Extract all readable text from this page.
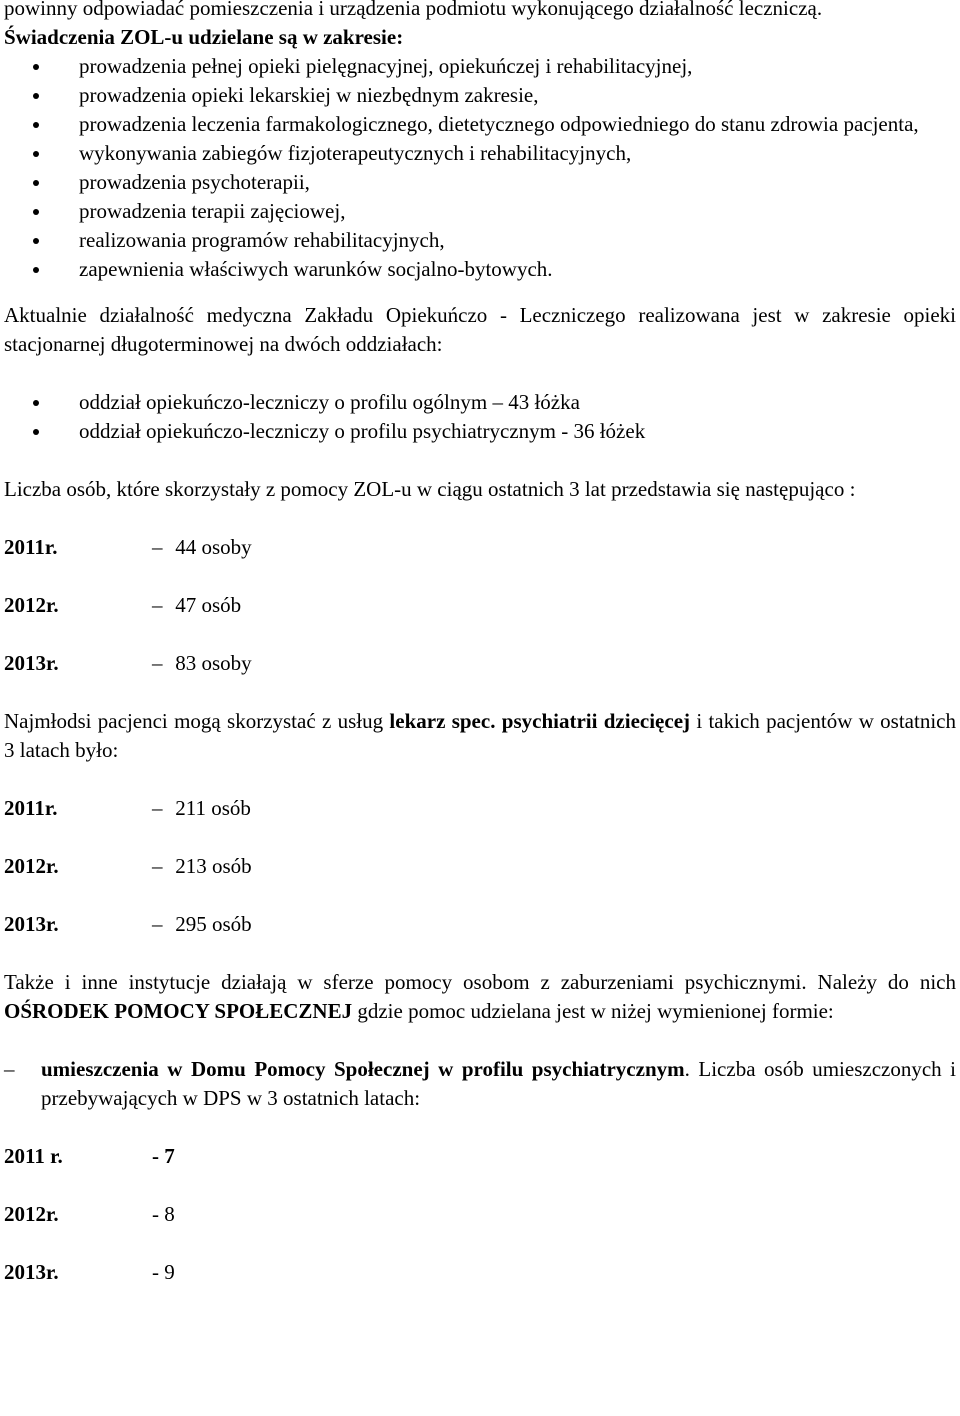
powinny odpowiadać pomieszczenia i urządzenia podmiotu wykonującego działalność leczniczą.

Świadczenia ZOL-u udzielane są w zakresie:

prowadzenia pełnej opieki pielęgnacyjnej, opiekuńczej i rehabilitacyjnej,
prowadzenia opieki lekarskiej w niezbędnym zakresie,
prowadzenia leczenia farmakologicznego, dietetycznego odpowiedniego do stanu zdrowia pacjenta,
wykonywania zabiegów fizjoterapeutycznych i rehabilitacyjnych,
prowadzenia psychoterapii,
prowadzenia terapii zajęciowej,
realizowania programów rehabilitacyjnych,
zapewnienia właściwych warunków socjalno-bytowych.

Aktualnie działalność medyczna Zakładu Opiekuńczo - Leczniczego realizowana jest w zakresie opieki stacjonarnej długoterminowej na dwóch oddziałach:

oddział opiekuńczo-leczniczy o profilu ogólnym – 43 łóżka
oddział opiekuńczo-leczniczy o profilu psychiatrycznym - 36 łóżek

Liczba osób, które skorzystały z pomocy ZOL-u w ciągu ostatnich 3 lat przedstawia się następująco :

2011r.	– 44 osoby
2012r.	– 47 osób
2013r.	– 83 osoby

Najmłodsi pacjenci mogą skorzystać z usług lekarz spec. psychiatrii dziecięcej i takich pacjentów w ostatnich 3 latach było:

2011r.	– 211 osób
2012r.	– 213 osób
2013r.	– 295 osób

Także i inne instytucje działają w sferze pomocy osobom z zaburzeniami psychicznymi. Należy do nich OŚRODEK POMOCY SPOŁECZNEJ gdzie pomoc udzielana jest w niżej wymienionej formie:

–	umieszczenia w Domu Pomocy Społecznej w profilu psychiatrycznym. Liczba osób umieszczonych i przebywających w DPS w 3 ostatnich latach:
2011 r.	- 7
2012r.	- 8
2013r.	- 9
